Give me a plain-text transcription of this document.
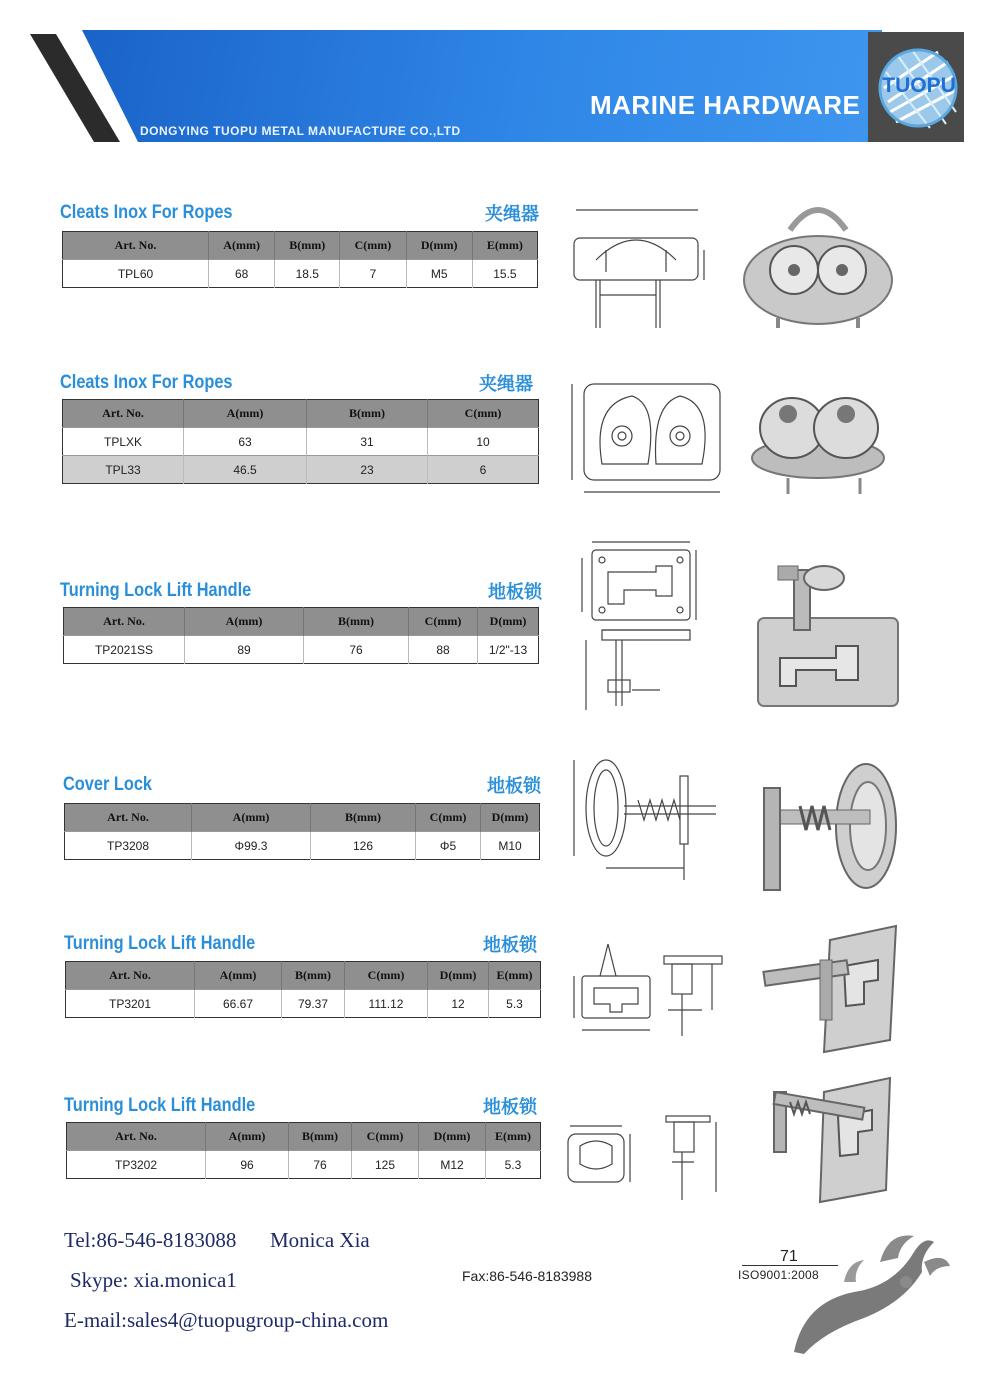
DONGYING TUOPU METAL MANUFACTURE CO.,LTD
MARINE HARDWARE
TUOPU
Cleats Inox For Ropes	夹绳器
Art. No.	A(mm)	B(mm)	C(mm)	D(mm)	E(mm)
TPL60	68	18.5	7	M5	15.5
Cleats Inox For Ropes	夹绳器
Art. No.	A(mm)	B(mm)	C(mm)
TPLXK	63	31	10
TPL33	46.5	23	6
Turning Lock Lift Handle	地板锁
Art. No.	A(mm)	B(mm)	C(mm)	D(mm)
TP2021SS	89	76	88	1/2"-13
Cover Lock	地板锁
Art. No.	A(mm)	B(mm)	C(mm)	D(mm)
TP3208	Φ99.3	126	Φ5	M10
Turning Lock Lift Handle	地板锁
Art. No.	A(mm)	B(mm)	C(mm)	D(mm)	E(mm)
TP3201	66.67	79.37	111.12	12	5.3
Turning Lock Lift Handle	地板锁
Art. No.	A(mm)	B(mm)	C(mm)	D(mm)	E(mm)
TP3202	96	76	125	M12	5.3
Tel:86-546-8183088 Monica Xia
Skype: xia.monica1
E-mail:sales4@tuopugroup-china.com
Fax:86-546-8183988
71
ISO9001:2008
